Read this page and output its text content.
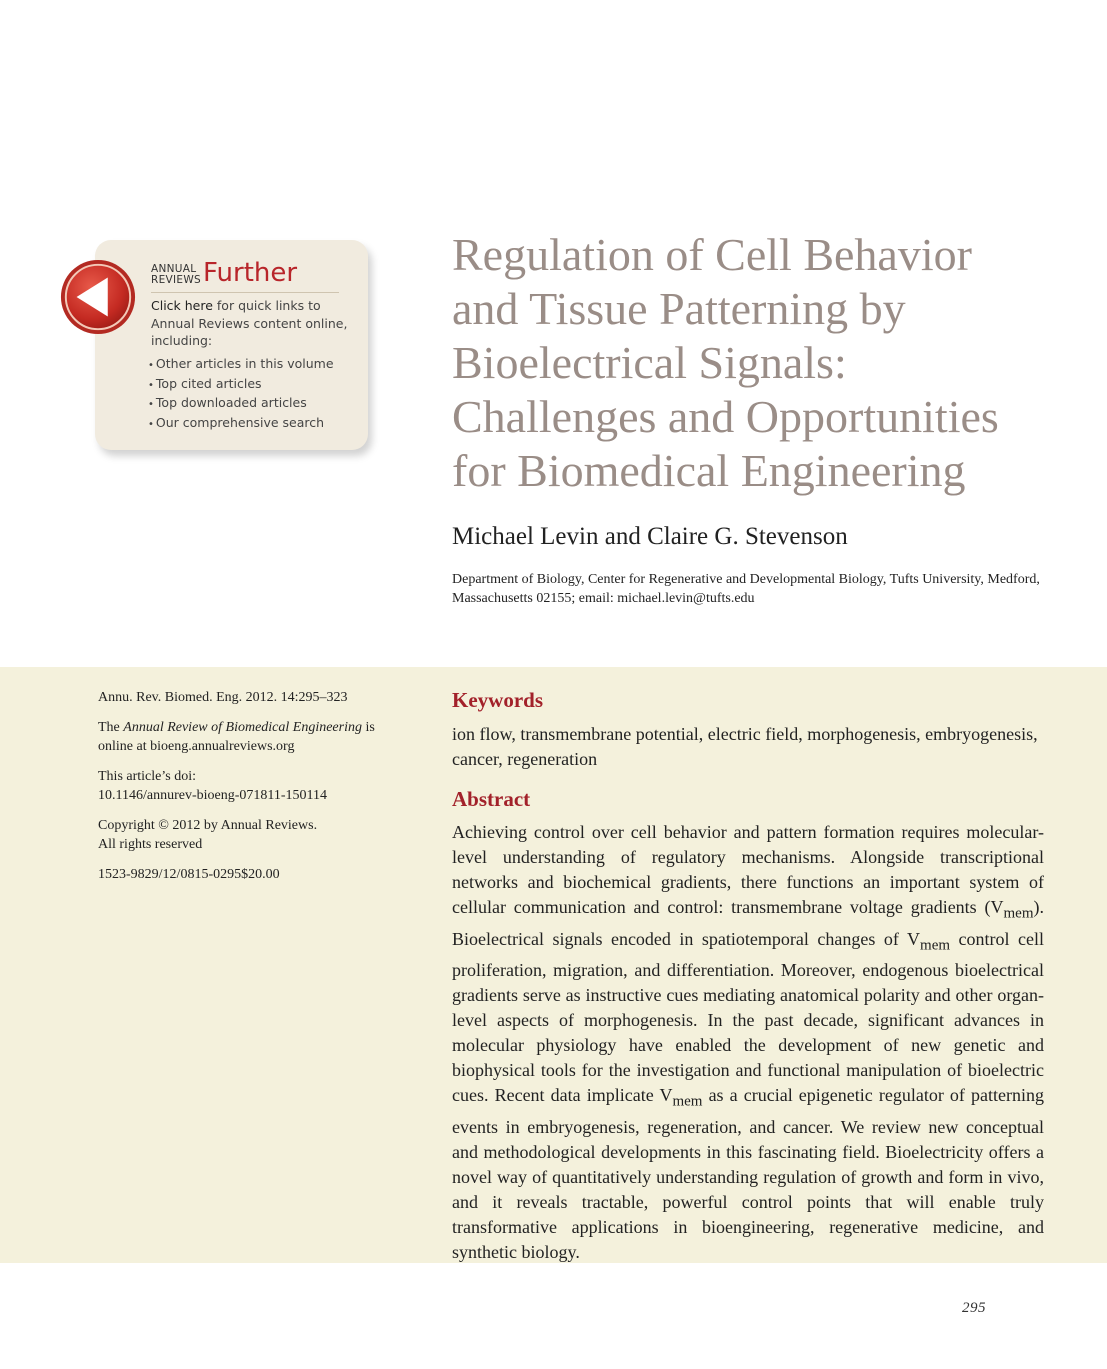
ANNUAL
REVIEWSFurther
Click here for quick links to Annual Reviews content online, including:
• Other articles in this volume
• Top cited articles
• Top downloaded articles
• Our comprehensive search
Regulation of Cell Behavior
and Tissue Patterning by
Bioelectrical Signals:
Challenges and Opportunities
for Biomedical Engineering
Michael Levin and Claire G. Stevenson
Department of Biology, Center for Regenerative and Developmental Biology, Tufts University, Medford, Massachusetts 02155; email: michael.levin@tufts.edu

Annu. Rev. Biomed. Eng. 2012. 14:295–323

The Annual Review of Biomedical Engineering is online at bioeng.annualreviews.org

This article’s doi:
10.1146/annurev-bioeng-071811-150114

Copyright © 2012 by Annual Reviews.
All rights reserved

1523-9829/12/0815-0295$20.00

Keywords
ion flow, transmembrane potential, electric field, morphogenesis, embryogenesis, cancer, regeneration
Abstract

Achieving control over cell behavior and pattern formation requires molecular-level understanding of regulatory mechanisms. Alongside transcriptional networks and biochemical gradients, there functions an important system of cellular communication and control: transmembrane voltage gradients $(V_{mem})$. Bioelectrical signals encoded in spatiotemporal changes of $V_{mem}$ control cell proliferation, migration, and differentiation. Moreover, endogenous bioelectrical gradients serve as instructive cues mediating anatomical polarity and other organ-level aspects of morphogenesis. In the past decade, significant advances in molecular physiology have enabled the development of new genetic and biophysical tools for the investigation and functional manipulation of bioelectric cues. Recent data implicate $V_{mem}$ as a crucial epigenetic regulator of patterning events in embryogenesis, regeneration, and cancer. We review new conceptual and methodological developments in this fascinating field. Bioelectricity offers a novel way of quantitatively understanding regulation of growth and form in vivo, and it reveals tractable, powerful control points that will enable truly transformative applications in bioengineering, regenerative medicine, and synthetic biology.

295
